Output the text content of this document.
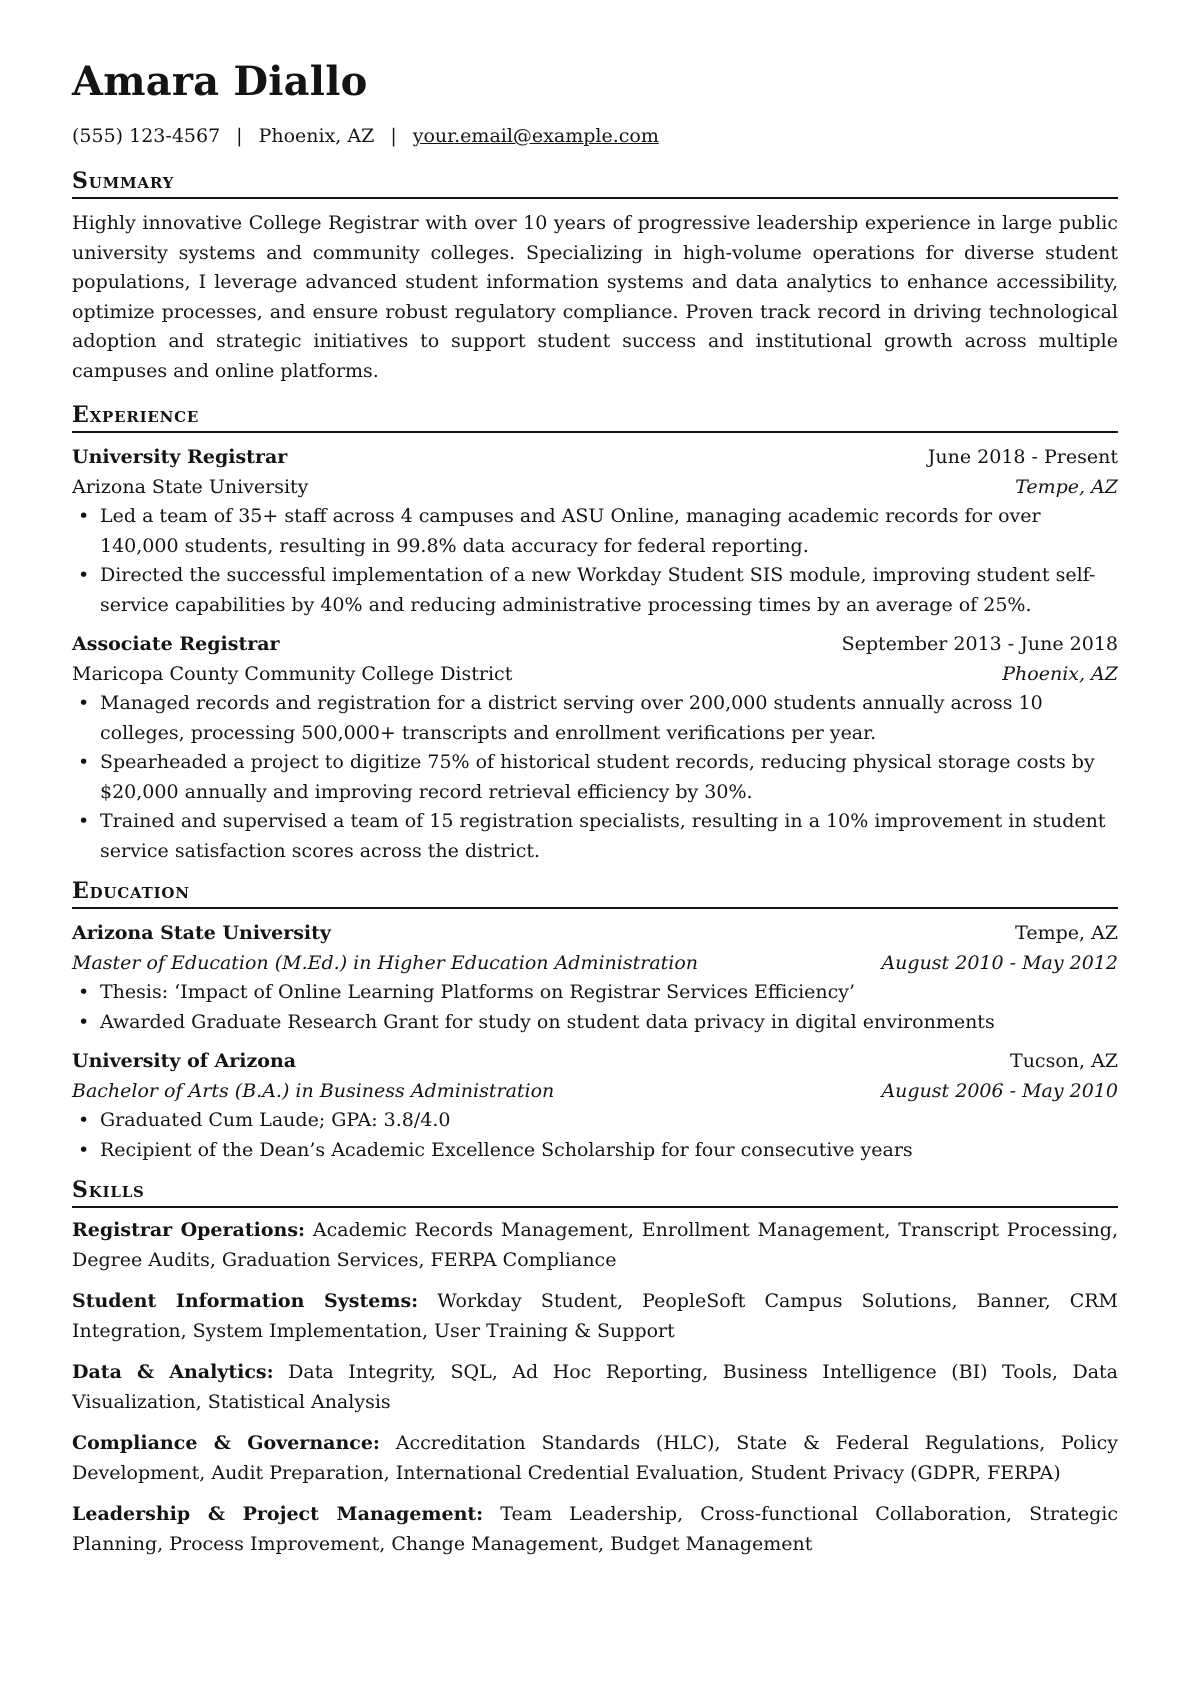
Amara Diallo
(555) 123-4567 | Phoenix, AZ | your.email@example.com
Summary
Highly innovative College Registrar with over 10 years of progressive leadership experience in large public university systems and community colleges. Specializing in high-volume operations for diverse student populations, I leverage advanced student information systems and data analytics to enhance accessibility, optimize processes, and ensure robust regulatory compliance. Proven track record in driving technological adoption and strategic initiatives to support student success and institutional growth across multiple campuses and online platforms.
Experience
University Registrar	June 2018 - Present
Arizona State University	Tempe, AZ
• Led a team of 35+ staff across 4 campuses and ASU Online, managing academic records for over 140,000 students, resulting in 99.8% data accuracy for federal reporting.
• Directed the successful implementation of a new Workday Student SIS module, improving student self-service capabilities by 40% and reducing administrative processing times by an average of 25%.
Associate Registrar	September 2013 - June 2018
Maricopa County Community College District	Phoenix, AZ
• Managed records and registration for a district serving over 200,000 students annually across 10 colleges, processing 500,000+ transcripts and enrollment verifications per year.
• Spearheaded a project to digitize 75% of historical student records, reducing physical storage costs by $20,000 annually and improving record retrieval efficiency by 30%.
• Trained and supervised a team of 15 registration specialists, resulting in a 10% improvement in student service satisfaction scores across the district.
Education
Arizona State University	Tempe, AZ
Master of Education (M.Ed.) in Higher Education Administration	August 2010 - May 2012
• Thesis: ‘Impact of Online Learning Platforms on Registrar Services Efficiency’
• Awarded Graduate Research Grant for study on student data privacy in digital environments
University of Arizona	Tucson, AZ
Bachelor of Arts (B.A.) in Business Administration	August 2006 - May 2010
• Graduated Cum Laude; GPA: 3.8/4.0
• Recipient of the Dean’s Academic Excellence Scholarship for four consecutive years
Skills
Registrar Operations: Academic Records Management, Enrollment Management, Transcript Processing, Degree Audits, Graduation Services, FERPA Compliance
Student Information Systems: Workday Student, PeopleSoft Campus Solutions, Banner, CRM Integration, System Implementation, User Training & Support
Data & Analytics: Data Integrity, SQL, Ad Hoc Reporting, Business Intelligence (BI) Tools, Data Visualization, Statistical Analysis
Compliance & Governance: Accreditation Standards (HLC), State & Federal Regulations, Policy Development, Audit Preparation, International Credential Evaluation, Student Privacy (GDPR, FERPA)
Leadership & Project Management: Team Leadership, Cross-functional Collaboration, Strategic Planning, Process Improvement, Change Management, Budget Management
